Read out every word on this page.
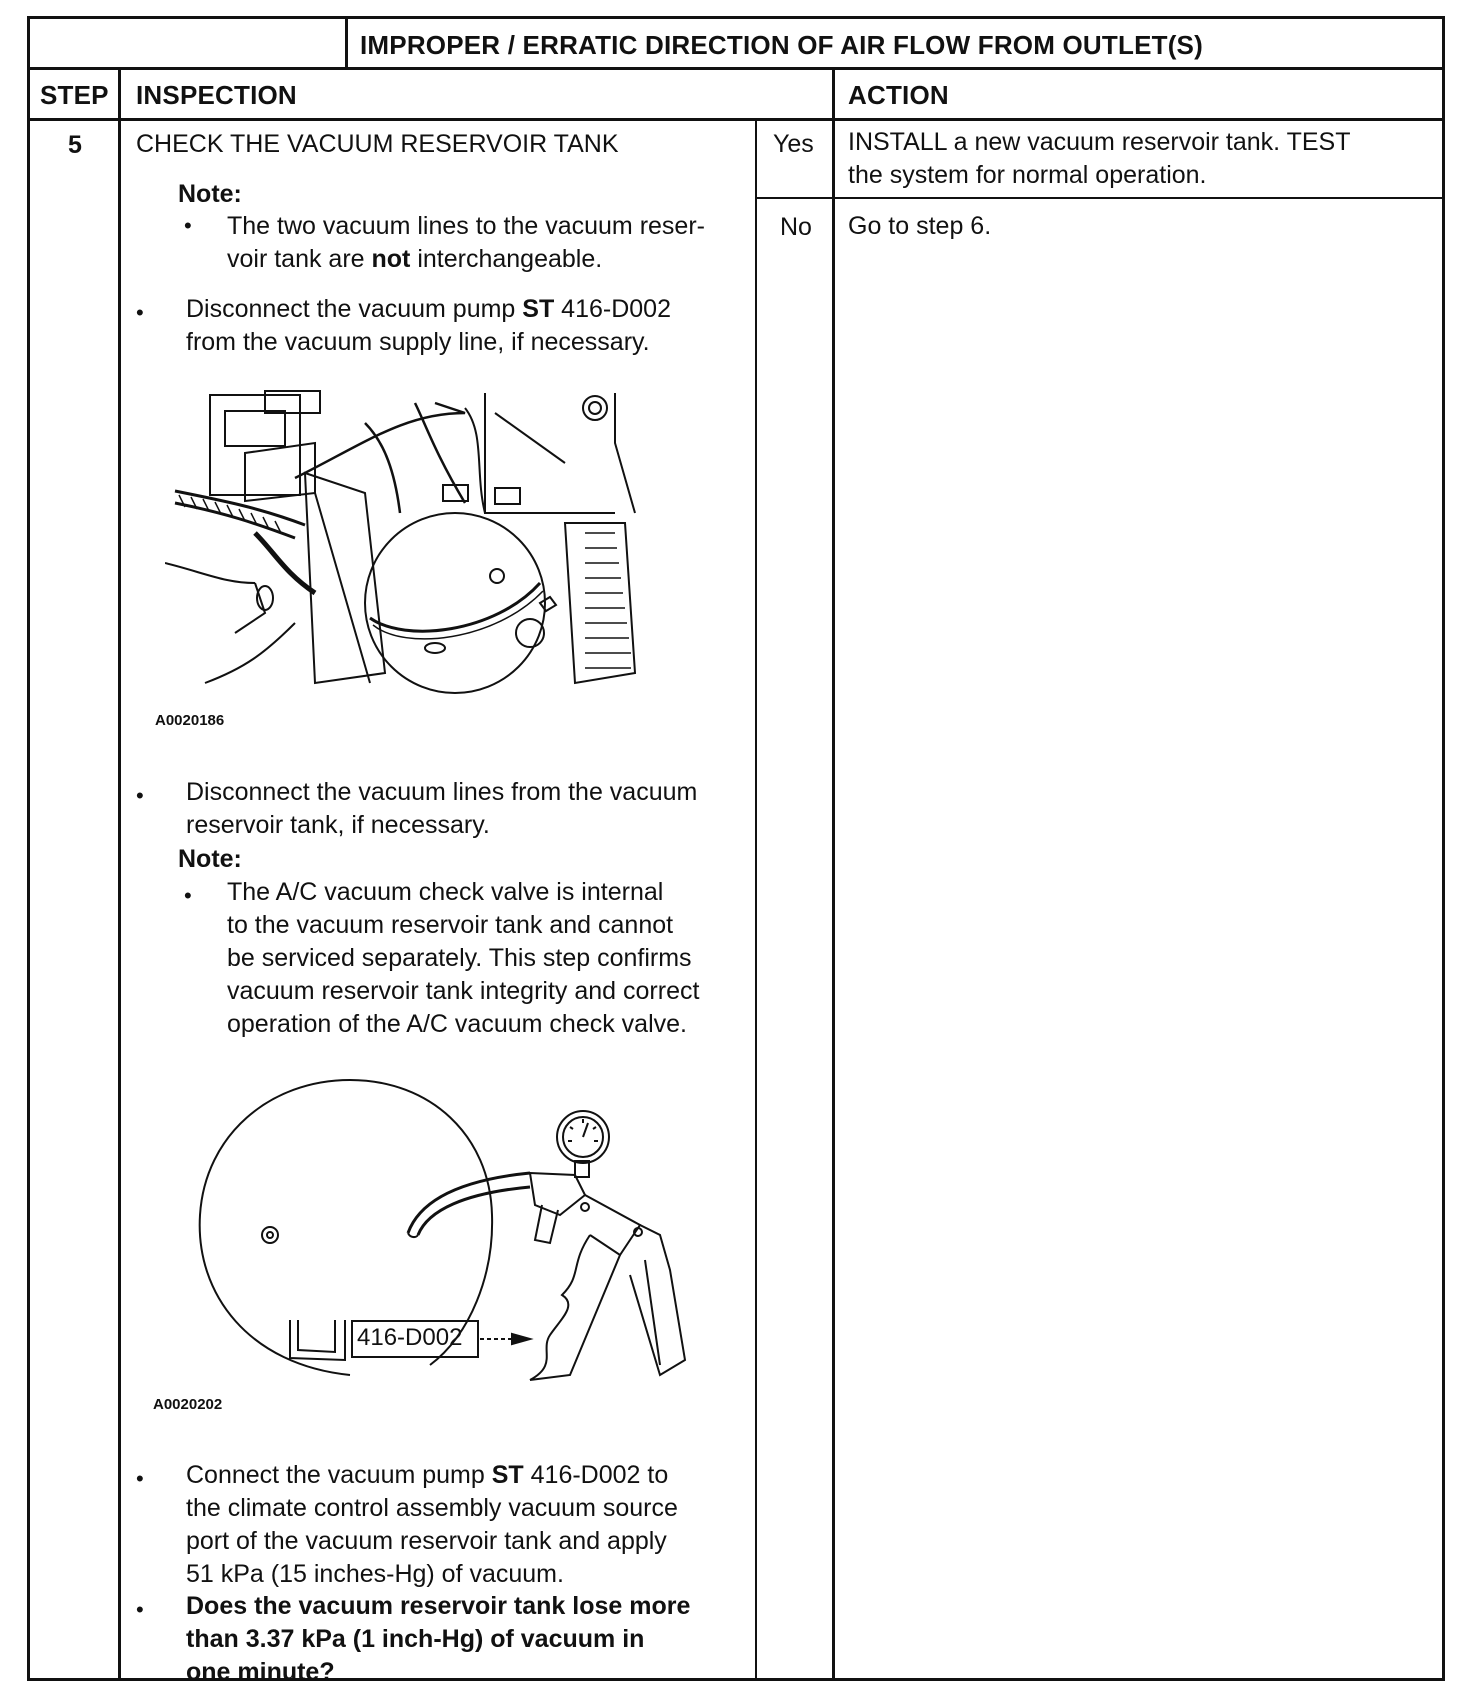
IMPROPER / ERRATIC DIRECTION OF AIR FLOW FROM OUTLET(S)
STEP INSPECTION	ACTION
5 CHECK THE VACUUM RESERVOIR TANK
Note:
• The two vacuum lines to the vacuum reser-
voir tank are not interchangeable.
• Disconnect the vacuum pump ST 416-D002
from the vacuum supply line, if necessary.
A0020186
• Disconnect the vacuum lines from the vacuum
reservoir tank, if necessary.
Note:
• The A/C vacuum check valve is internal
to the vacuum reservoir tank and cannot
be serviced separately. This step confirms
vacuum reservoir tank integrity and correct
operation of the A/C vacuum check valve.
416-D002
A0020202
• Connect the vacuum pump ST 416-D002 to
the climate control assembly vacuum source
port of the vacuum reservoir tank and apply
51 kPa (15 inches-Hg) of vacuum.
• Does the vacuum reservoir tank lose more
than 3.37 kPa (1 inch-Hg) of vacuum in
one minute?
Yes
No
INSTALL a new vacuum reservoir tank. TEST
the system for normal operation.
Go to step 6.
